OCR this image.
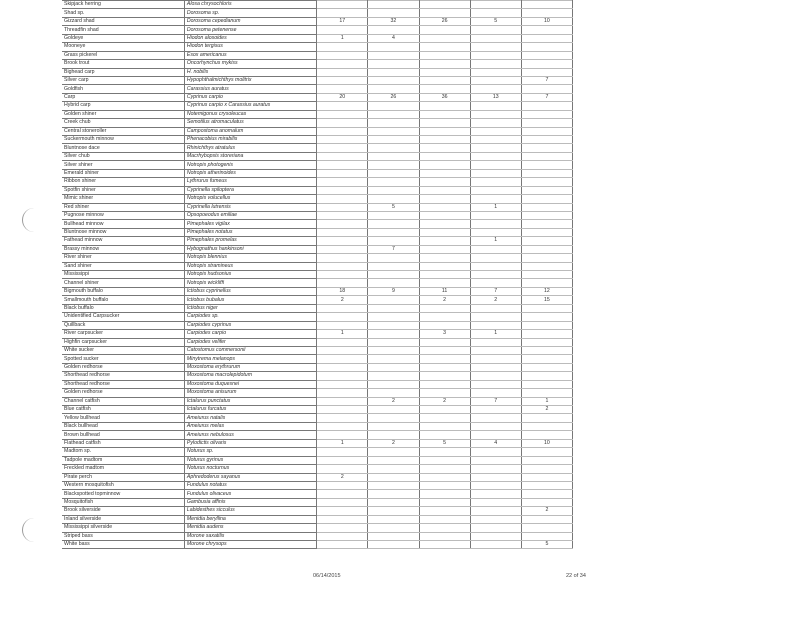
Skipjack herring	Alosa chrysochloris					
Shad sp.	Dorosoma sp.					
Gizzard shad	Dorosoma cepedianum	17	32	26	5	10
Threadfin shad	Dorosoma petenense					
Goldeye	Hiodon alosoides	1	4			
Mooneye	Hiodon tergisus					
Grass pickerel	Esox americanus					
Brook trout	Oncorhynchus mykiss					
Bighead carp	H. nobilis					
Silver carp	Hypophthalmichthys molitrix					7
Goldfish	Carassius auratus					
Carp	Cyprinus carpio	20	26	36	13	7
Hybrid carp	Cyprinus carpio x Carassius auratus					
Golden shiner	Notemigonus crysoleucas					
Creek chub	Semotilus atromaculatus					
Central stoneroller	Campostoma anomalum					
Suckermouth minnow	Phenacobius mirabilis					
Bluntnose dace	Rhinichthys atratulus					
Silver chub	Macrhybopsis storeriana					
Silver shiner	Notropis photogenis					
Emerald shiner	Notropis atherinoides					
Ribbon shiner	Lythrurus fumeus					
Spotfin shiner	Cyprinella spiloptera					
Mimic shiner	Notropis volucellus					
Red shiner	Cyprinella lutrensis		5		1	
Pugnose minnow	Opsopoeodus emiliae					
Bullhead minnow	Pimephales vigilax					
Bluntnose minnow	Pimephales notatus					
Fathead minnow	Pimephales promelas				1	
Brassy minnow	Hybognathus hankinsoni		7			
River shiner	Notropis blennius					
Sand shiner	Notropis stramineus					
Mississippi	Notropis hudsonius					
Channel shiner	Notropis wickliffi					
Bigmouth buffalo	Ictiobus cyprinellus	18	9	11	7	12
Smallmouth buffalo	Ictiobus bubalus	2		2	2	15
Black buffalo	Ictiobus niger					
Unidentified Carpsucker	Carpiodes sp.					
Quillback	Carpiodes cyprinus					
River carpsucker	Carpiodes carpio	1		3	1	
Highfin carpsucker	Carpiodes velifer					
White sucker	Catostomus commersonii					
Spotted sucker	Minytrema melanops					
Golden redhorse	Moxostoma erythrurum					
Shorthead redhorse	Moxostoma macrolepidotum					
Shorthead redhorse	Moxostoma duquesnei					
Golden redhorse	Moxostoma anisurum					
Channel catfish	Ictalurus punctatus		2	2	7	1
Blue catfish	Ictalurus furcatus					2
Yellow bullhead	Ameiurus natalis					
Black bullhead	Ameiurus melas					
Brown bullhead	Ameiurus nebulosus					
Flathead catfish	Pylodictis olivaris	1	2	5	4	10
Madtom sp.	Noturus sp.					
Tadpole madtom	Noturus gyrinus					
Freckled madtom	Noturus nocturnus					
Pirate perch	Aphredoderus sayanus	2				
Western mosquitofish	Fundulus notatus					
Blackspotted topminnow	Fundulus olivaceus					
Mosquitofish	Gambusia affinis					
Brook silverside	Labidesthes sicculus					2
Inland silverside	Menidia beryllina					
Mississippi silverside	Menidia audens					
Striped bass	Morone saxatilis					
White bass	Morone chrysops					5
06/14/2015	22 of 34
